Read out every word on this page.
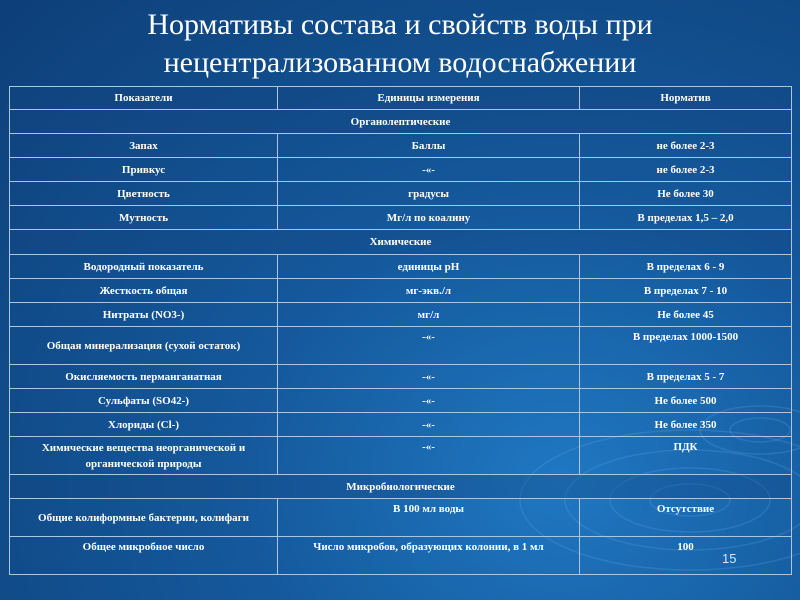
Нормативы состава и свойств воды при
нецентрализованном водоснабжении
Показатели	Единицы измерения	Норматив
Органолептические		
Запах	Баллы	не более 2-3
Привкус	-«-	не более 2-3
Цветность	градусы	Не более 30
Мутность	Мг/л по коалину	В пределах 1,5 – 2,0
Химические		
Водородный показатель	единицы рН	В пределах 6 - 9
Жесткость общая	мг-экв./л	В пределах 7 - 10
Нитраты (NO3-)	мг/л	Не более 45
Общая минерализация (сухой остаток)	-«-	В пределах 1000-1500
Окисляемость перманганатная	-«-	В пределах 5 - 7
Сульфаты (SO42-)	-«-	Не более 500
Хлориды (Cl-)	-«-	Не более 350
Химические вещества неорганической и органической природы	-«-	ПДК
Микробиологические		
Общие колиформные бактерии, колифаги	В 100 мл воды	Отсутствие
Общее микробное число	Число микробов, образующих колонии, в 1 мл	100
15
